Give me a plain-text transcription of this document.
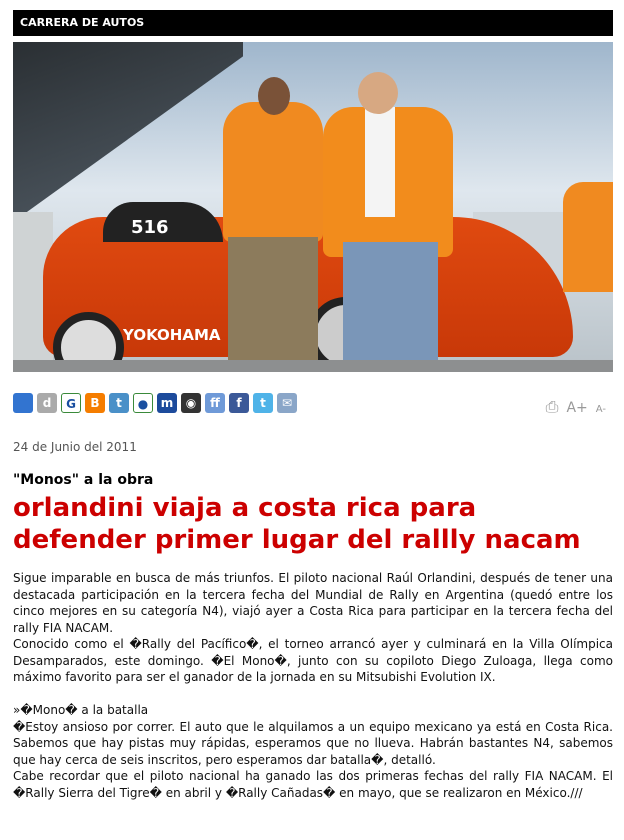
CARRERA DE AUTOS
516
YOKOHAMA
d	G	B	t	●	m	◉	ff	f	t	✉	⎙ A+ A-
24 de Junio del 2011
"Monos" a la obra
orlandini viaja a costa rica para defender primer lugar del rallly nacam

Sigue imparable en busca de más triunfos. El piloto nacional Raúl Orlandini, después de tener una destacada participación en la tercera fecha del Mundial de Rally en Argentina (quedó entre los cinco mejores en su categoría N4), viajó ayer a Costa Rica para participar en la tercera fecha del rally FIA NACAM.

Conocido como el �Rally del Pacífico�, el torneo arrancó ayer y culminará en la Villa Olímpica Desamparados, este domingo. �El Mono�, junto con su copiloto Diego Zuloaga, llega como máximo favorito para ser el ganador de la jornada en su Mitsubishi Evolution IX.

»�Mono� a la batalla

�Estoy ansioso por correr. El auto que le alquilamos a un equipo mexicano ya está en Costa Rica. Sabemos que hay pistas muy rápidas, esperamos que no llueva. Habrán bastantes N4, sabemos que hay cerca de seis inscritos, pero esperamos dar batalla�, detalló.

Cabe recordar que el piloto nacional ha ganado las dos primeras fechas del rally FIA NACAM. El �Rally Sierra del Tigre� en abril y �Rally Cañadas� en mayo, que se realizaron en México.///
